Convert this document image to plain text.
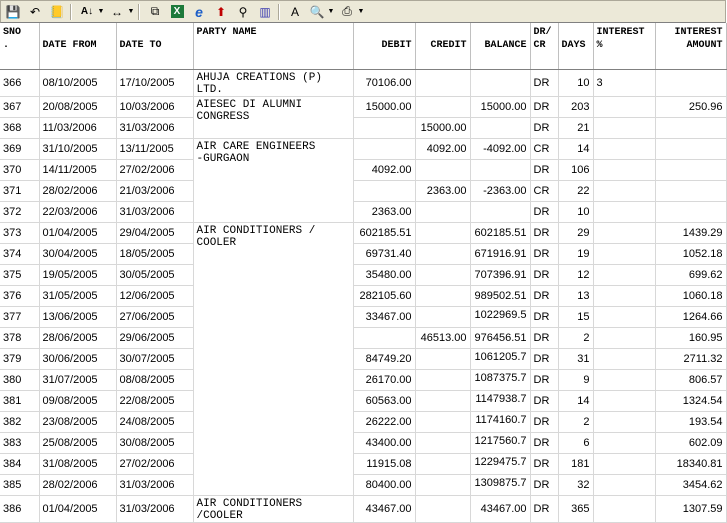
💾 ↶ 📒 A↓ ▼ ↔ ▼ ⧉	X e ⬆ ⚲ ▥ A 🔍 ▼ ⎙ ▼
SNO
.	DATE FROM	DATE TO	PARTY NAME	DEBIT	CREDIT	BALANCE	DR/
CR	DAYS	INTEREST
%	INTEREST
AMOUNT
366	08/10/2005	17/10/2005	AHUJA CREATIONS (P) LTD.	70106.00			DR	10	3	
367	20/08/2005	10/03/2006	AIESEC DI ALUMNI
CONGRESS	15000.00		15000.00	DR	203		250.96
368	11/03/2006	31/03/2006			15000.00		DR	21		
369	31/10/2005	13/11/2005	AIR CARE ENGINEERS
-GURGAON		4092.00	-4092.00	CR	14		
370	14/11/2005	27/02/2006		4092.00			DR	106		
371	28/02/2006	21/03/2006			2363.00	-2363.00	CR	22		
372	22/03/2006	31/03/2006		2363.00			DR	10		
373	01/04/2005	29/04/2005	AIR CONDITIONERS /
COOLER	602185.51		602185.51	DR	29		1439.29
374	30/04/2005	18/05/2005		69731.40		671916.91	DR	19		1052.18
375	19/05/2005	30/05/2005		35480.00		707396.91	DR	12		699.62
376	31/05/2005	12/06/2005		282105.60		989502.51	DR	13		1060.18
377	13/06/2005	27/06/2005		33467.00		1022969.5	DR	15		1264.66
378	28/06/2005	29/06/2005			46513.00	976456.51	DR	2		160.95
379	30/06/2005	30/07/2005		84749.20		1061205.7	DR	31		2711.32
380	31/07/2005	08/08/2005		26170.00		1087375.7	DR	9		806.57
381	09/08/2005	22/08/2005		60563.00		1147938.7	DR	14		1324.54
382	23/08/2005	24/08/2005		26222.00		1174160.7	DR	2		193.54
383	25/08/2005	30/08/2005		43400.00		1217560.7	DR	6		602.09
384	31/08/2005	27/02/2006		11915.08		1229475.7	DR	181		18340.81
385	28/02/2006	31/03/2006		80400.00		1309875.7	DR	32		3454.62
386	01/04/2005	31/03/2006	AIR CONDITIONERS /COOLER	43467.00		43467.00	DR	365		1307.59
